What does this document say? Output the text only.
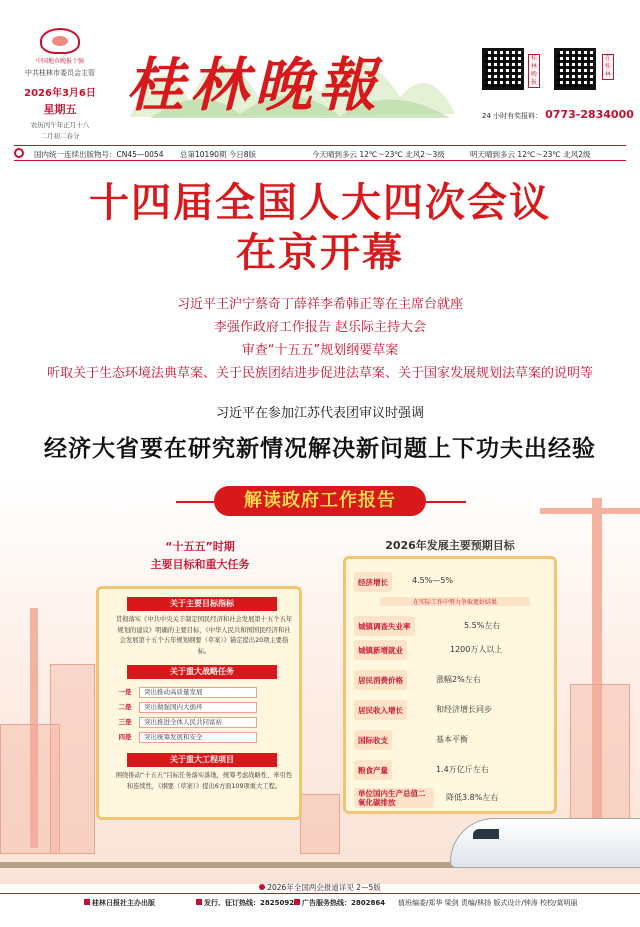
中国地市晚报十强
中共桂林市委员会主管
2026年3月6日
星期五
农历丙午年正月十八
二月初二春分
桂林晚報	桂林晚报
在桂林
24 小时有奖报料： 0773-2834000
国内统一连续出版物号：CN45—0054 总第10190期 今日8版	今天晴到多云 12℃～23℃ 北风2～3级	明天晴到多云 12℃～23℃ 北风2级
十四届全国人大四次会议
在京开幕
习近平王沪宁蔡奇丁薛祥李希韩正等在主席台就座
李强作政府工作报告 赵乐际主持大会
审查“十五五”规划纲要草案
听取关于生态环境法典草案、关于民族团结进步促进法草案、关于国家发展规划法草案的说明等
习近平在参加江苏代表团审议时强调
经济大省要在研究新情况解决新问题上下功夫出经验
解读政府工作报告
“十五五”时期
主要目标和重大任务
关于主要目标指标
贯彻落实《中共中央关于制定国民经济和社会发展第十五个五年规划的建议》明确的主要目标，《中华人民共和国国民经济和社会发展第十五个五年规划纲要（草案）》锚定提出20项主要指标。
关于重大战略任务
一是	突出推动高质量发展
二是	突出做强国内大循环
三是	突出推进全体人民共同富裕
四是	突出统筹发展和安全
关于重大工程项目
围绕推动“十五五”目标任务落实落地，统筹考虑战略性、牵引性和连续性，《纲要（草案）》提出6方面109项重大工程。
2026年发展主要预期目标
经济增长	4.5%—5%
在实际工作中努力争取更好结果
城镇调查失业率	5.5%左右
城镇新增就业	1200万人以上
居民消费价格	涨幅2%左右
居民收入增长	和经济增长同步
国际收支	基本平衡
粮食产量	1.4万亿斤左右
单位国内生产总值二氧化碳排放
降低3.8%左右
2026年全国两会报道详见 2—5版
桂林日报社主办出版	发行、征订热线：2825092	广告服务热线：2802864 值班编委/郑华 梁剑 责编/林扬 版式设计/钟涛 校校/莫明丽
